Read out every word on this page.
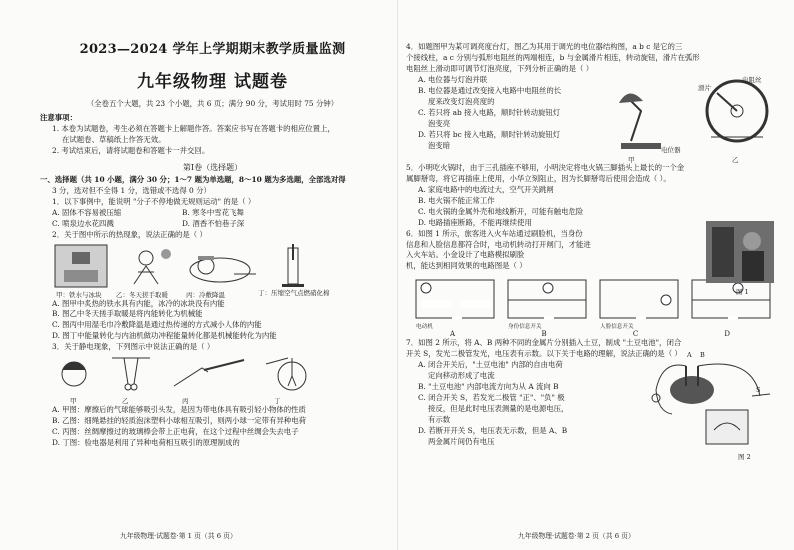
2023—2024 学年上学期期末教学质量监测
九年级物理 试题卷
（全卷五个大题，共 23 个小题，共 6 页；满分 90 分，考试用时 75 分钟）
注意事项：
1. 本卷为试题卷，考生必须在答题卡上解题作答。答案应书写在答题卡的相应位置上，
在试题卷、草稿纸上作答无效。
2. 考试结束后，请将试题卷和答题卡一并交回。
第Ⅰ卷（选择题）
一、选择题（共 10 小题，满分 30 分；1～7 题为单选题，8～10 题为多选题，全部选对得
3 分，选对但不全得 1 分，选错或不选得 0 分）
1．以下事例中，能说明 "分子不停地做无规则运动" 的是（ ）
A. 固体不容易被压缩	B. 寒冬中雪花飞舞
C. 喷泉边水花四溅	D. 酒香不怕巷子深
2．关于图中所示的热现象，说法正确的是（ ）
甲：铁水与冰块	乙：冬天搓手取暖	丙：冷敷降温	丁：压缩空气点燃硝化棉
A. 图甲中炙热的铁水具有内能，冰冷的冰块没有内能
B. 图乙中冬天搓手取暖是将内能转化为机械能
C. 图丙中用湿毛巾冷敷降温是通过热传递的方式减小人体的内能
D. 图丁中能量转化与内油机做功冲程能量转化都是机械能转化为内能
3．关于静电现象，下列图示中说法正确的是（ ）
甲	乙	丙	丁
A. 甲图：摩擦后的气球能够吸引头发，是因为带电体具有吸引轻小物体的性质
B. 乙图：细绳悬挂的轻质泡沫塑料小球相互吸引，则两小球一定带有异种电荷
C. 丙图：丝绸摩擦过的玻璃棒会带上正电荷，在这个过程中丝绸会失去电子
D. 丁图：验电器是利用了异种电荷相互吸引的原理制成的
九年级物理·试题卷·第 1 页（共 6 页）
4．如题图甲为某可调亮度台灯，图乙为其用于调光的电位器结构图，a b c 是它的三
个接线柱，a c 分别与弧形电阻丝的两端相连，b 与金属滑片相连，转动旋钮，滑片在弧形
电阻丝上滑动即可调节灯泡亮度，下列分析正确的是（ ）
A. 电位器与灯泡并联
B. 电位器是通过改变接入电路中电阻丝的长
度来改变灯泡亮度的
C. 若只将 ab 接入电路，顺时针转动旋钮灯
泡变亮
D. 若只将 bc 接入电路，顺时针转动旋钮灯
泡变暗
电位器
甲	乙
滑片
电阻丝
5．小明吃火锅时，由于三孔插座不够用，小明決定将电火锅三脚插头上最长的一个金
属脚掰弯，将它再插座上使用，小华立刻阻止，因为长脚掰弯后使用会造成（ ）。
A. 家庭电路中的电流过大，空气开关跳闸
B. 电火锅不能正常工作
C. 电火锅的金属外壳和地线断开，可能有触电危险
D. 电路插座断路，不能再继续使用
6．如图 1 所示，旅客进入火车站通过刷脸机，当身份
信息和人脸信息都符合时，电动机转动打开闸门，才能进
入火车站。小金设计了电路模拟刷脸
机，能达到相同效果的电路图是（ ）
图 1
电动机	身份信息开关	人脸信息开关
A	B	C	D
7．如图 2 所示，将 A、B 两种不同的金属片分别插入土豆，制成 "土豆电池"，闭合
开关 S，发光二极管发光，电压表有示数。以下关于电路的理解，说法正确的是（ ）
A. 闭合开关后，"土豆电池" 内部的自由电荷
定向移动形成了电流
B. "土豆电池" 内部电流方向为从 A 流向 B
C. 闭合开关 S，若发光二极管 "正"、"负" 极
接反，但是此时电压表测量的是电源电压，
有示数
D. 若断开开关 S，电压表无示数，但是 A、B
两金属片间仍有电压
A B
S
图 2
九年级物理·试题卷·第 2 页（共 6 页）
